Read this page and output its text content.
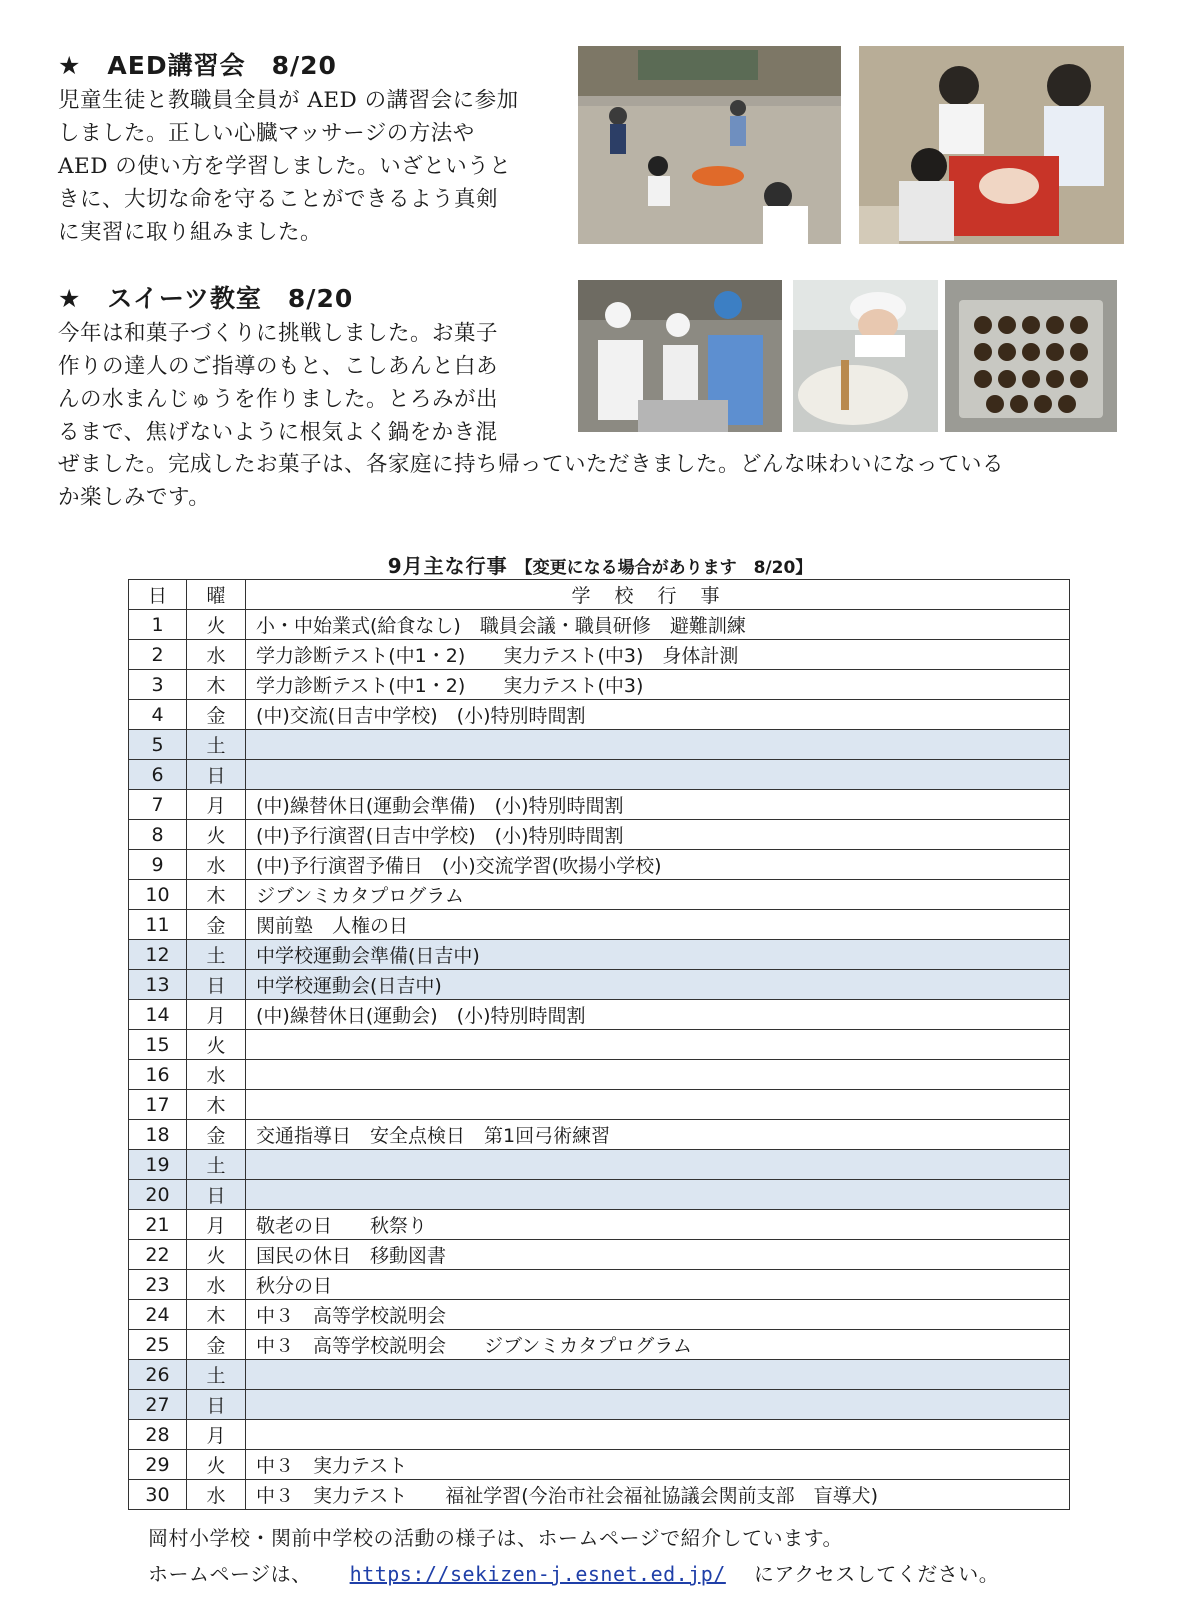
★　AED講習会　8/20
児童生徒と教職員全員が AED の講習会に参加
しました。正しい心臓マッサージの方法や
AED の使い方を学習しました。いざというと
きに、大切な命を守ることができるよう真剣
に実習に取り組みました。
★　スイーツ教室　8/20
今年は和菓子づくりに挑戦しました。お菓子
作りの達人のご指導のもと、こしあんと白あ
んの水まんじゅうを作りました。とろみが出
るまで、焦げないように根気よく鍋をかき混
ぜました。完成したお菓子は、各家庭に持ち帰っていただきました。どんな味わいになっている
か楽しみです。
9月主な行事 【変更になる場合があります　8/20】
日	曜	学校行事
1	火	小・中始業式(給食なし)　職員会議・職員研修　避難訓練
2	水	学力診断テスト(中1・2)　　実力テスト(中3)　身体計測
3	木	学力診断テスト(中1・2)　　実力テスト(中3)
4	金	(中)交流(日吉中学校)　(小)特別時間割
5	土	
6	日	
7	月	(中)繰替休日(運動会準備)　(小)特別時間割
8	火	(中)予行演習(日吉中学校)　(小)特別時間割
9	水	(中)予行演習予備日　(小)交流学習(吹揚小学校)
10	木	ジブンミカタプログラム
11	金	関前塾　人権の日
12	土	中学校運動会準備(日吉中)
13	日	中学校運動会(日吉中)
14	月	(中)繰替休日(運動会)　(小)特別時間割
15	火	
16	水	
17	木	
18	金	交通指導日　安全点検日　第1回弓術練習
19	土	
20	日	
21	月	敬老の日　　秋祭り
22	火	国民の休日　移動図書
23	水	秋分の日
24	木	中３　高等学校説明会
25	金	中３　高等学校説明会　　ジブンミカタプログラム
26	土	
27	日	
28	月	
29	火	中３　実力テスト
30	水	中３　実力テスト　　福祉学習(今治市社会福祉協議会関前支部　盲導犬)
岡村小学校・関前中学校の活動の様子は、ホームページで紹介しています。
ホームページは、 https://sekizen-j.esnet.ed.jp/ にアクセスしてください。
